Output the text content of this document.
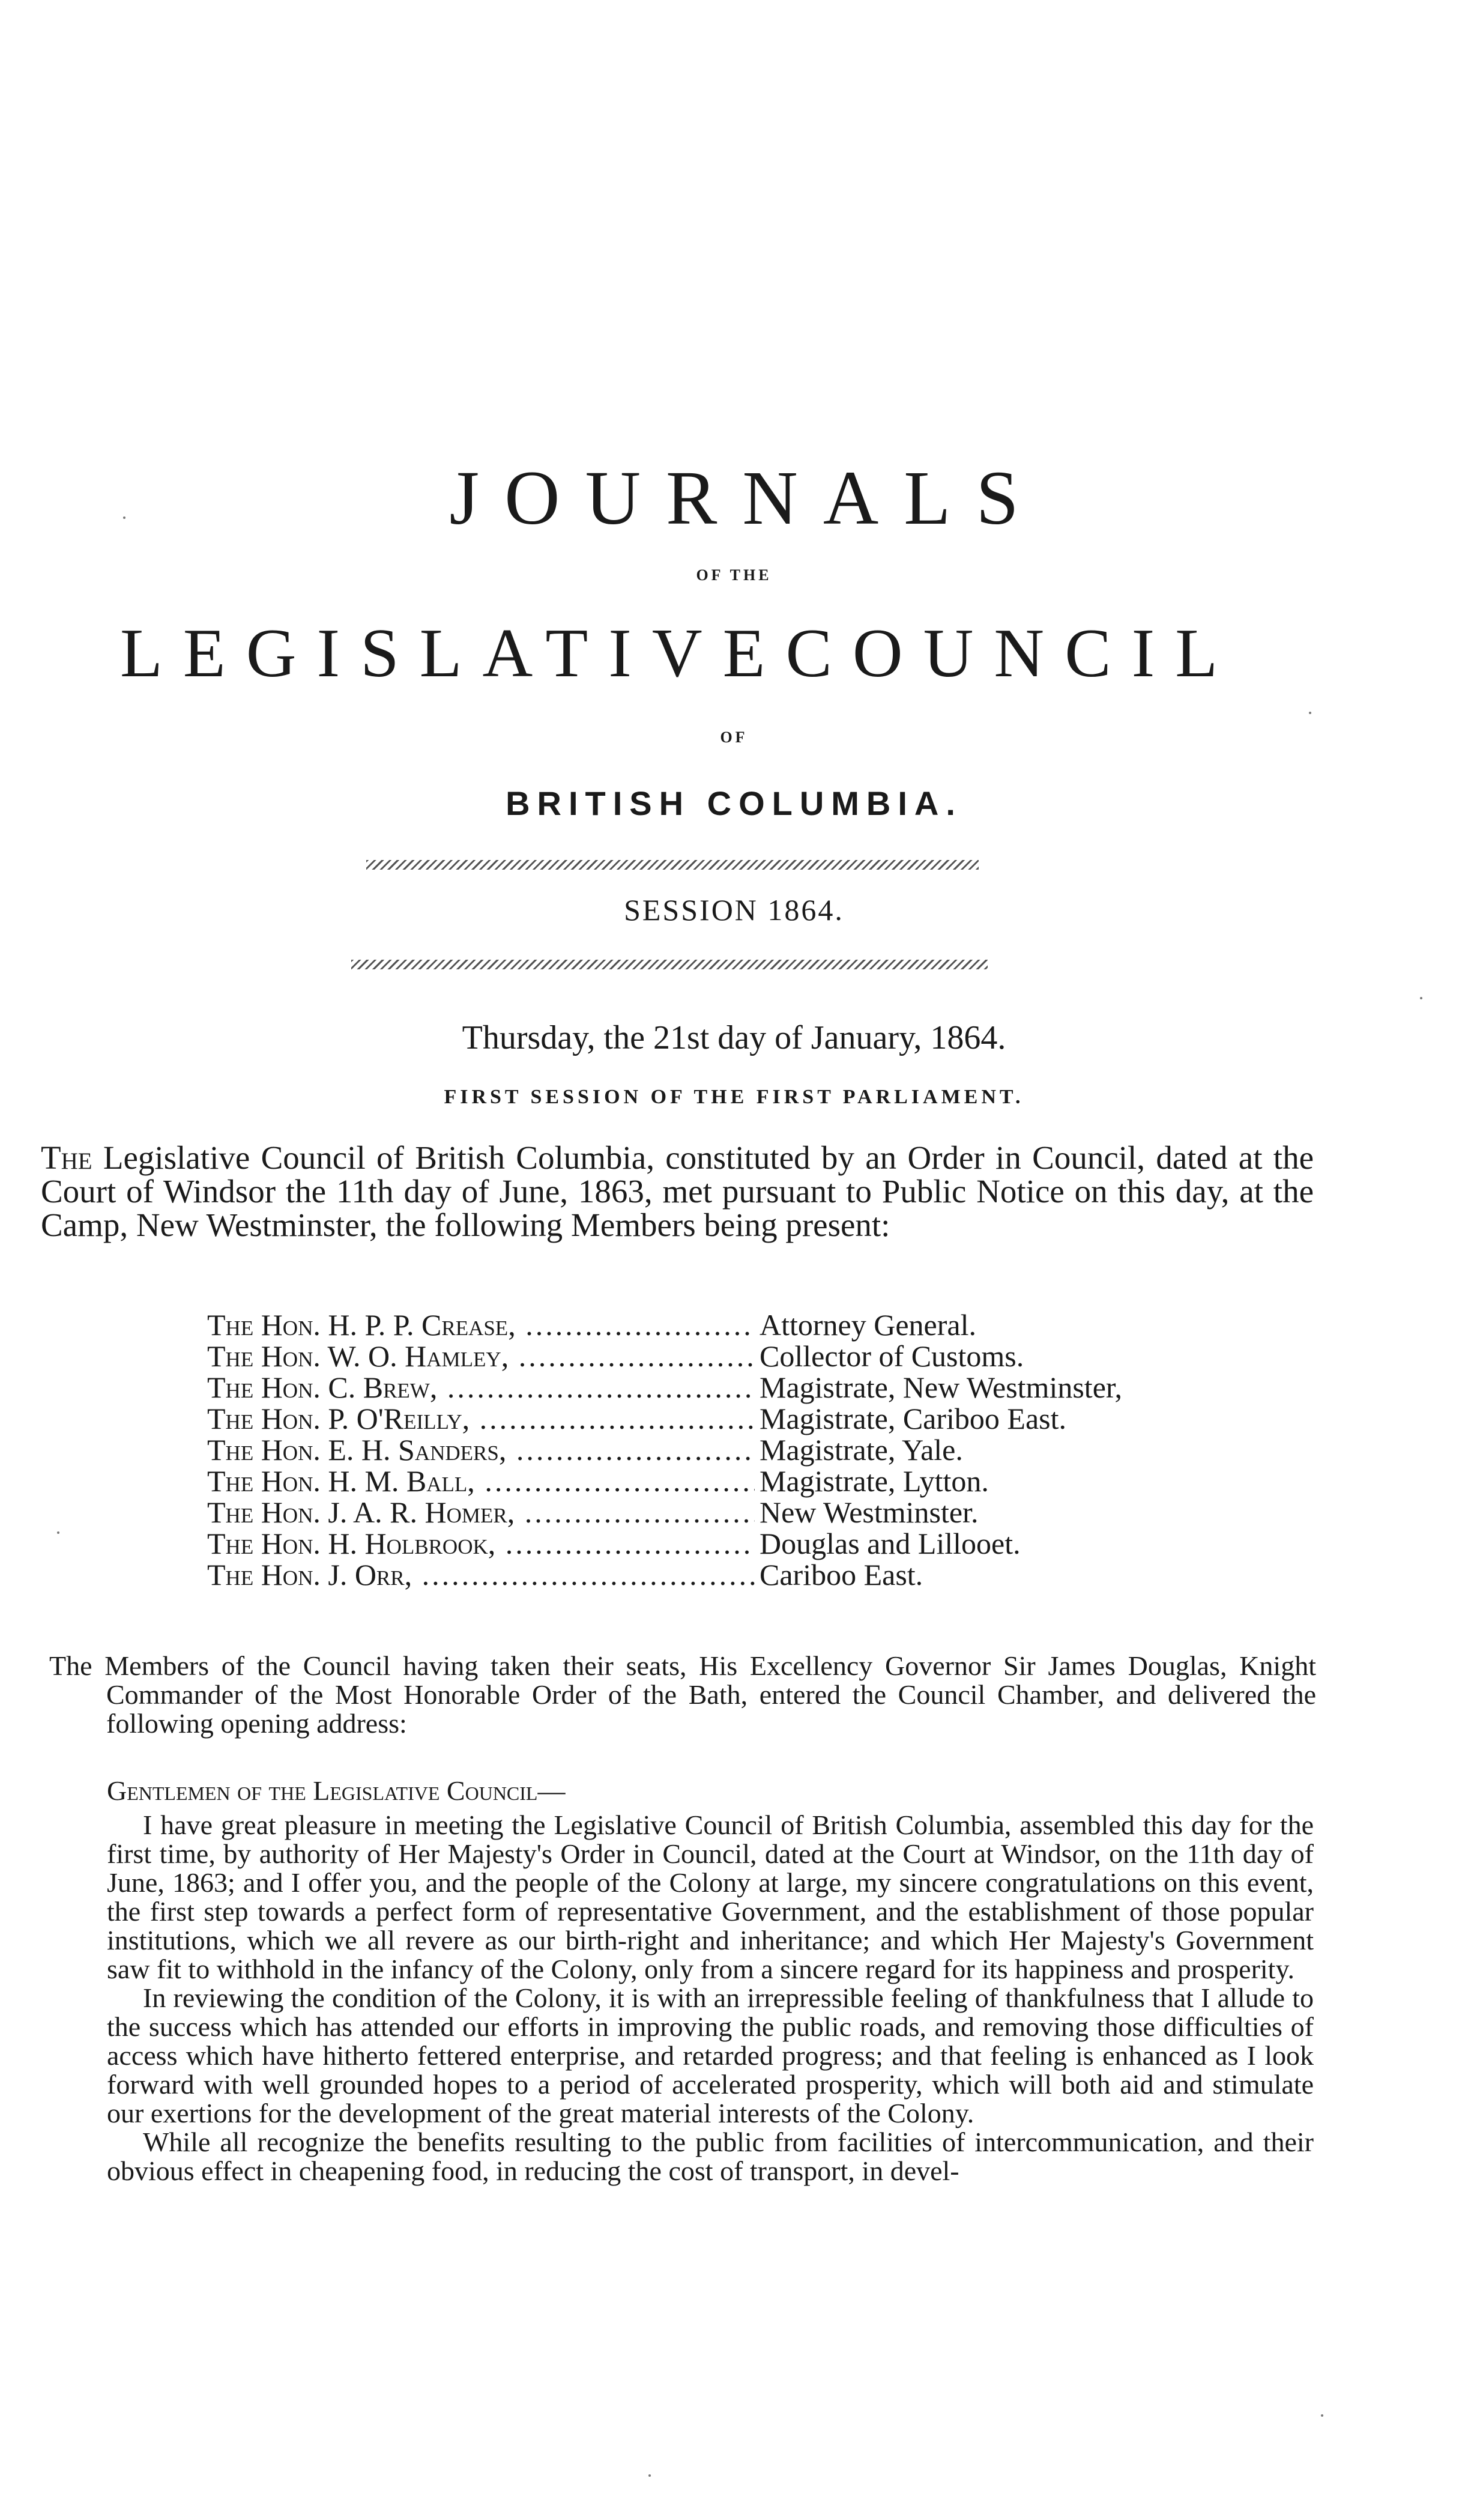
JOURNALS
OF THE
LEGISLATIVE COUNCIL
OF
BRITISH COLUMBIA.
SESSION 1864.
Thursday, the 21st day of January, 1864.
FIRST SESSION OF THE FIRST PARLIAMENT.
The Legislative Council of British Columbia, constituted by an Order in Council, dated at the Court of Windsor the 11th day of June, 1863, met pursuant to Public Notice on this day, at the Camp, New Westminster, the following Members being present:
The Hon. H. P. P. Crease, .....	Attorney General.
The Hon. W. O. Hamley, .....	Collector of Customs.
The Hon. C. Brew, .....	Magistrate, New Westminster,
The Hon. P. O'Reilly, .....	Magistrate, Cariboo East.
The Hon. E. H. Sanders, .....	Magistrate, Yale.
The Hon. H. M. Ball, .....	Magistrate, Lytton.
The Hon. J. A. R. Homer, .....	New Westminster.
The Hon. H. Holbrook, .....	Douglas and Lillooet.
The Hon. J. Orr, .....	Cariboo East.
The Members of the Council having taken their seats, His Excellency Governor Sir James Douglas, Knight Commander of the Most Honorable Order of the Bath, entered the Council Chamber, and delivered the following opening address:
Gentlemen of the Legislative Council—

I have great pleasure in meeting the Legislative Council of British Columbia, assembled this day for the first time, by authority of Her Majesty's Order in Council, dated at the Court at Windsor, on the 11th day of June, 1863; and I offer you, and the people of the Colony at large, my sincere congratulations on this event, the first step towards a perfect form of representative Government, and the establishment of those popular institutions, which we all revere as our birth-right and inheritance; and which Her Majesty's Government saw fit to withhold in the infancy of the Colony, only from a sincere regard for its happiness and prosperity.

In reviewing the condition of the Colony, it is with an irrepressible feeling of thankfulness that I allude to the success which has attended our efforts in improving the public roads, and removing those difficulties of access which have hitherto fettered enterprise, and retarded progress; and that feeling is enhanced as I look forward with well grounded hopes to a period of accelerated prosperity, which will both aid and stimulate our exertions for the development of the great material interests of the Colony.

While all recognize the benefits resulting to the public from facilities of intercommunication, and their obvious effect in cheapening food, in reducing the cost of transport, in devel-
